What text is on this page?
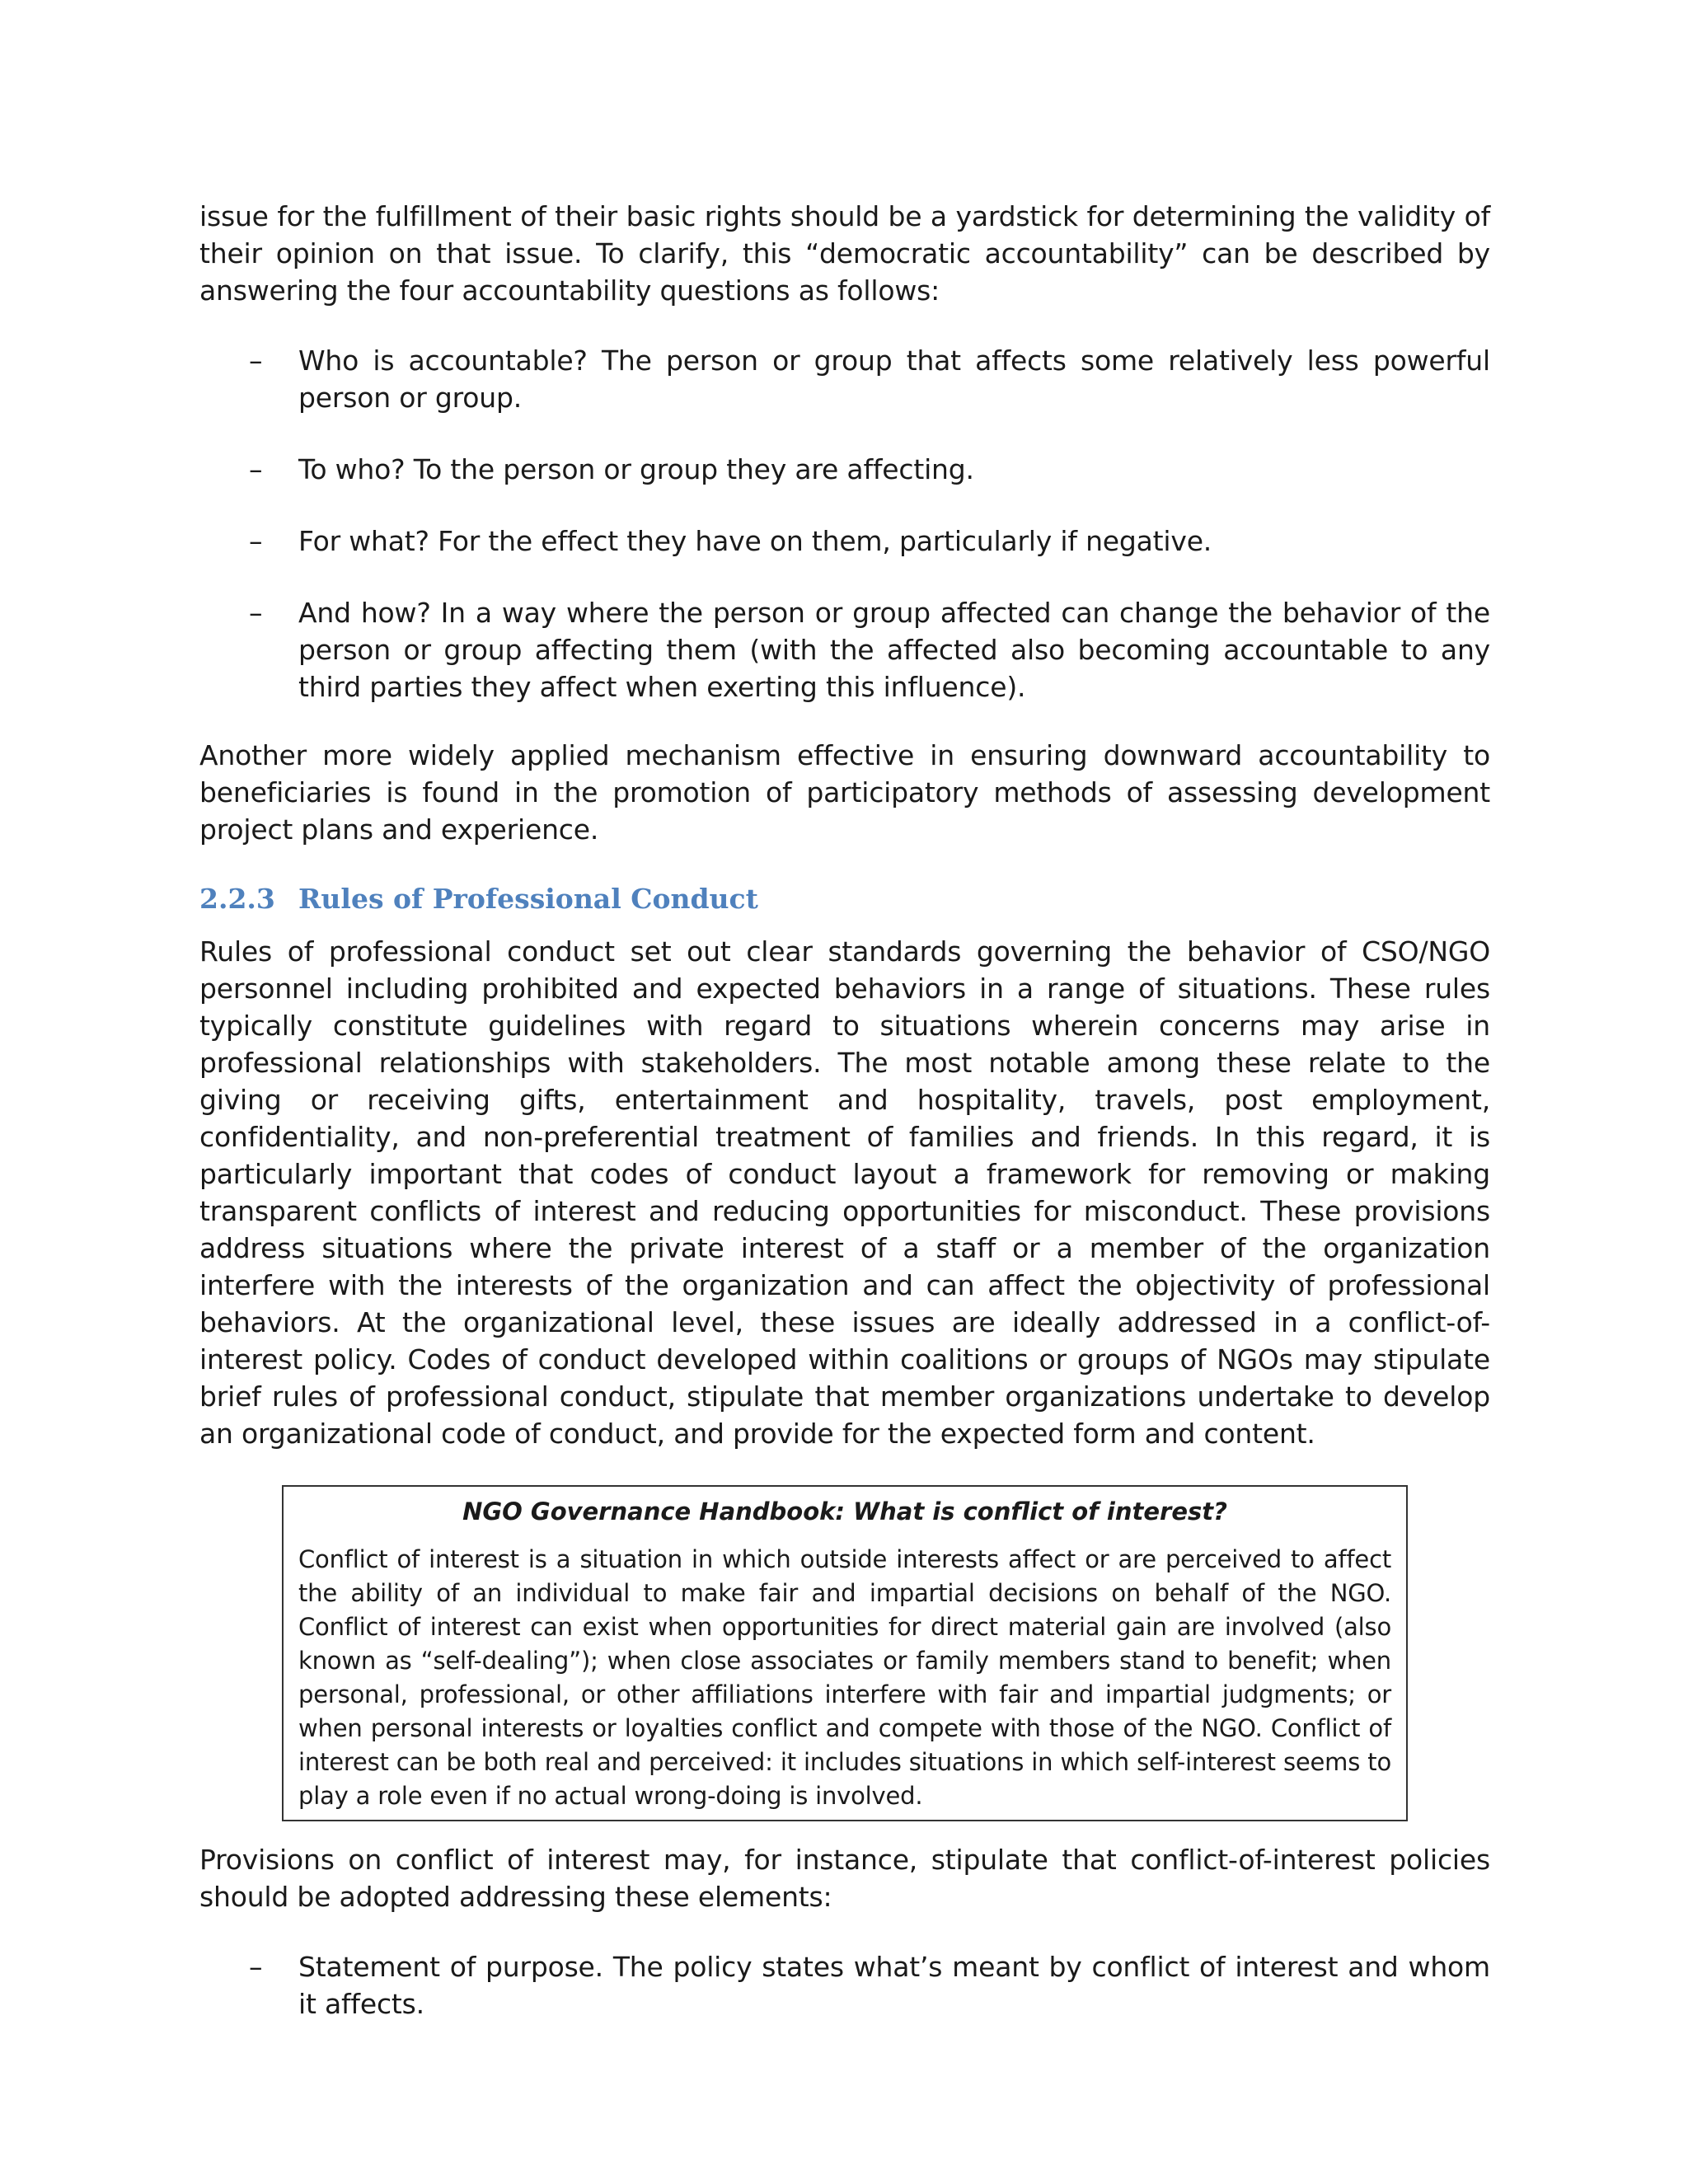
issue for the fulfillment of their basic rights should be a yardstick for determining the validity of their opinion on that issue. To clarify, this “democratic accountability” can be described by answering the four accountability questions as follows:

– Who is accountable? The person or group that affects some relatively less powerful person or group.
– To who? To the person or group they are affecting.
– For what? For the effect they have on them, particularly if negative.
– And how? In a way where the person or group affected can change the behavior of the person or group affecting them (with the affected also becoming accountable to any third parties they affect when exerting this influence).

Another more widely applied mechanism effective in ensuring downward accountability to beneficiaries is found in the promotion of participatory methods of assessing development project plans and experience.

2.2.3 Rules of Professional Conduct

Rules of professional conduct set out clear standards governing the behavior of CSO/NGO personnel including prohibited and expected behaviors in a range of situations. These rules typically constitute guidelines with regard to situations wherein concerns may arise in professional relationships with stakeholders. The most notable among these relate to the giving or receiving gifts, entertainment and hospitality, travels, post employment, confidentiality, and non-preferential treatment of families and friends. In this regard, it is particularly important that codes of conduct layout a framework for removing or making transparent conflicts of interest and reducing opportunities for misconduct. These provisions address situations where the private interest of a staff or a member of the organization interfere with the interests of the organization and can affect the objectivity of professional behaviors. At the organizational level, these issues are ideally addressed in a conflict-of-interest policy. Codes of conduct developed within coalitions or groups of NGOs may stipulate brief rules of professional conduct, stipulate that member organizations undertake to develop an organizational code of conduct, and provide for the expected form and content.

NGO Governance Handbook: What is conflict of interest?
Conflict of interest is a situation in which outside interests affect or are perceived to affect the ability of an individual to make fair and impartial decisions on behalf of the NGO. Conflict of interest can exist when opportunities for direct material gain are involved (also known as “self-dealing”); when close associates or family members stand to benefit; when personal, professional, or other affiliations interfere with fair and impartial judgments; or when personal interests or loyalties conflict and compete with those of the NGO. Conflict of interest can be both real and perceived: it includes situations in which self-interest seems to play a role even if no actual wrong-doing is involved.

Provisions on conflict of interest may, for instance, stipulate that conflict-of-interest policies should be adopted addressing these elements:

– Statement of purpose. The policy states what’s meant by conflict of interest and whom it affects.
